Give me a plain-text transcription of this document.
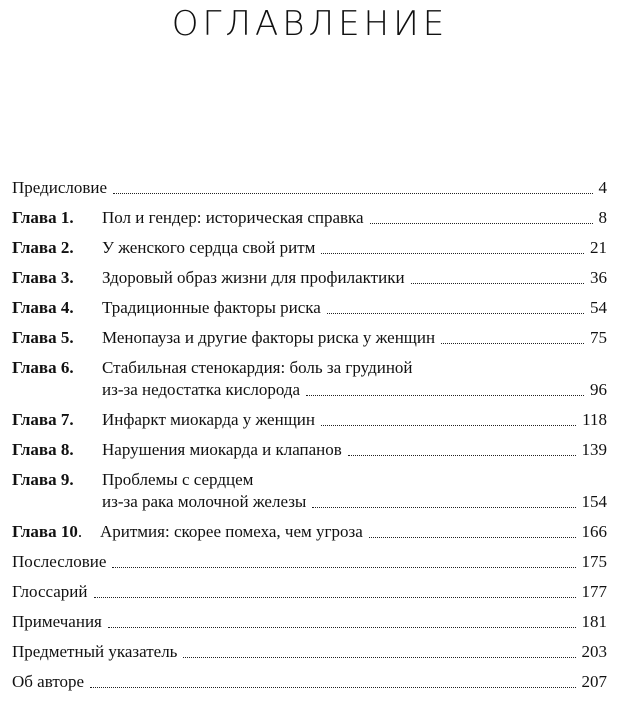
ОГЛАВЛЕНИЕ
Предисловие	4
Глава 1.	Пол и гендер: историческая справка	8
Глава 2.	У женского сердца свой ритм	21
Глава 3.	Здоровый образ жизни для профилактики	36
Глава 4.	Традиционные факторы риска	54
Глава 5.	Менопауза и другие факторы риска у женщин	75
Глава 6.	Стабильная стенокардия: боль за грудиной
из-за недостатка кислорода	96
Глава 7.	Инфаркт миокарда у женщин	118
Глава 8.	Нарушения миокарда и клапанов	139
Глава 9.	Проблемы с сердцем
из-за рака молочной железы	154
Глава 10.	Аритмия: скорее помеха, чем угроза	166
Послесловие	175
Глоссарий	177
Примечания	181
Предметный указатель	203
Об авторе	207
